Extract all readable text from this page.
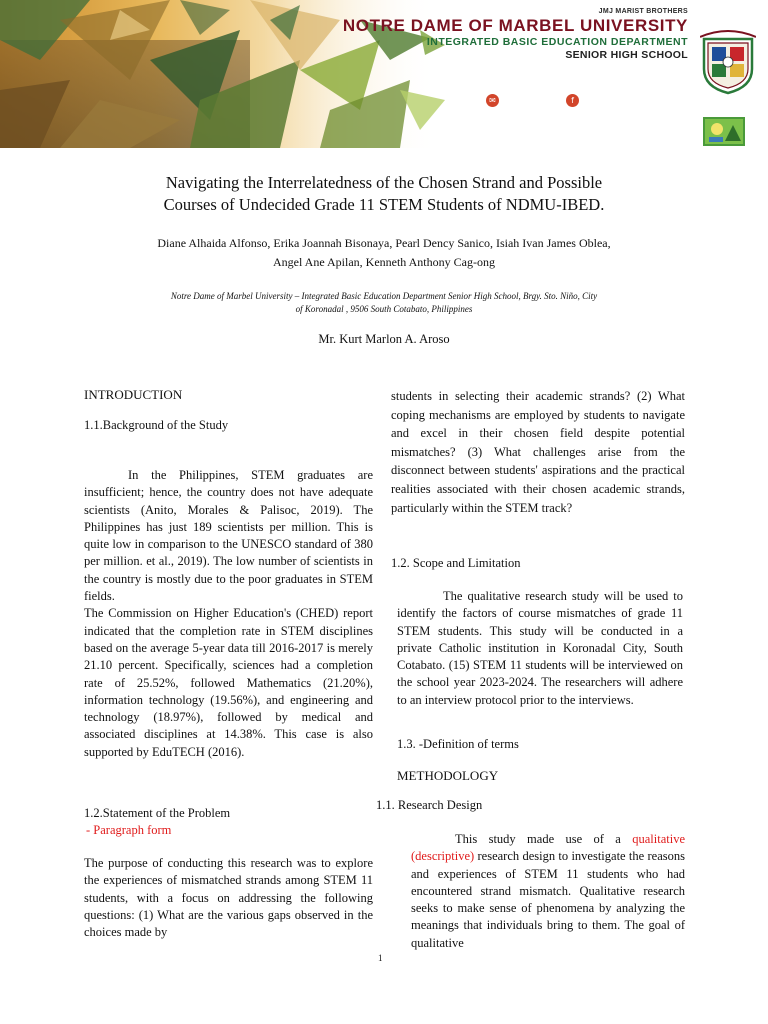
JMJ MARIST BROTHERS
NOTRE DAME OF MARBEL UNIVERSITY
INTEGRATED BASIC EDUCATION DEPARTMENT
SENIOR HIGH SCHOOL
✉	f
Navigating the Interrelatedness of the Chosen Strand and Possible
Courses of Undecided Grade 11 STEM Students of NDMU-IBED.
Diane Alhaida Alfonso, Erika Joannah Bisonaya, Pearl Dency Sanico, Isiah Ivan James Oblea,
Angel Ane Apilan, Kenneth Anthony Cag-ong
Notre Dame of Marbel University – Integrated Basic Education Department Senior High School, Brgy. Sto. Niño, City
of Koronadal , 9506 South Cotabato, Philippines
Mr. Kurt Marlon A. Aroso
INTRODUCTION
1.1.Background of the Study

In the Philippines, STEM graduates are insufficient; hence, the country does not have adequate scientists (Anito, Morales & Palisoc, 2019). The Philippines has just 189 scientists per million. This is quite low in comparison to the UNESCO standard of 380 per million. et al., 2019). The low number of scientists in the country is mostly due to the poor graduates in STEM fields.

The Commission on Higher Education's (CHED) report indicated that the completion rate in STEM disciplines based on the average 5-year data till 2016-2017 is merely 21.10 percent. Specifically, sciences had a completion rate of 25.52%, followed Mathematics (21.20%), information technology (19.56%), and engineering and technology (18.97%), followed by medical and associated disciplines at 14.38%. This case is also supported by EduTECH (2016).

1.2.Statement of the Problem
- Paragraph form

The purpose of conducting this research was to explore the experiences of mismatched strands among STEM 11 students, with a focus on addressing the following questions: (1) What are the various gaps observed in the choices made by

students in selecting their academic strands? (2) What coping mechanisms are employed by students to navigate and excel in their chosen field despite potential mismatches? (3) What challenges arise from the disconnect between students' aspirations and the practical realities associated with their chosen academic strands, particularly within the STEM track?

1.2. Scope and Limitation

The qualitative research study will be used to identify the factors of course mismatches of grade 11 STEM students. This study will be conducted in a private Catholic institution in Koronadal City, South Cotabato. (15) STEM 11 students will be interviewed on the school year 2023-2024. The researchers will adhere to an interview protocol prior to the interviews.

1.3. -Definition of terms
METHODOLOGY
1.1. Research Design

This study made use of a qualitative (descriptive) research design to investigate the reasons and experiences of STEM 11 students who had encountered strand mismatch. Qualitative research seeks to make sense of phenomena by analyzing the meanings that individuals bring to them. The goal of qualitative

1
